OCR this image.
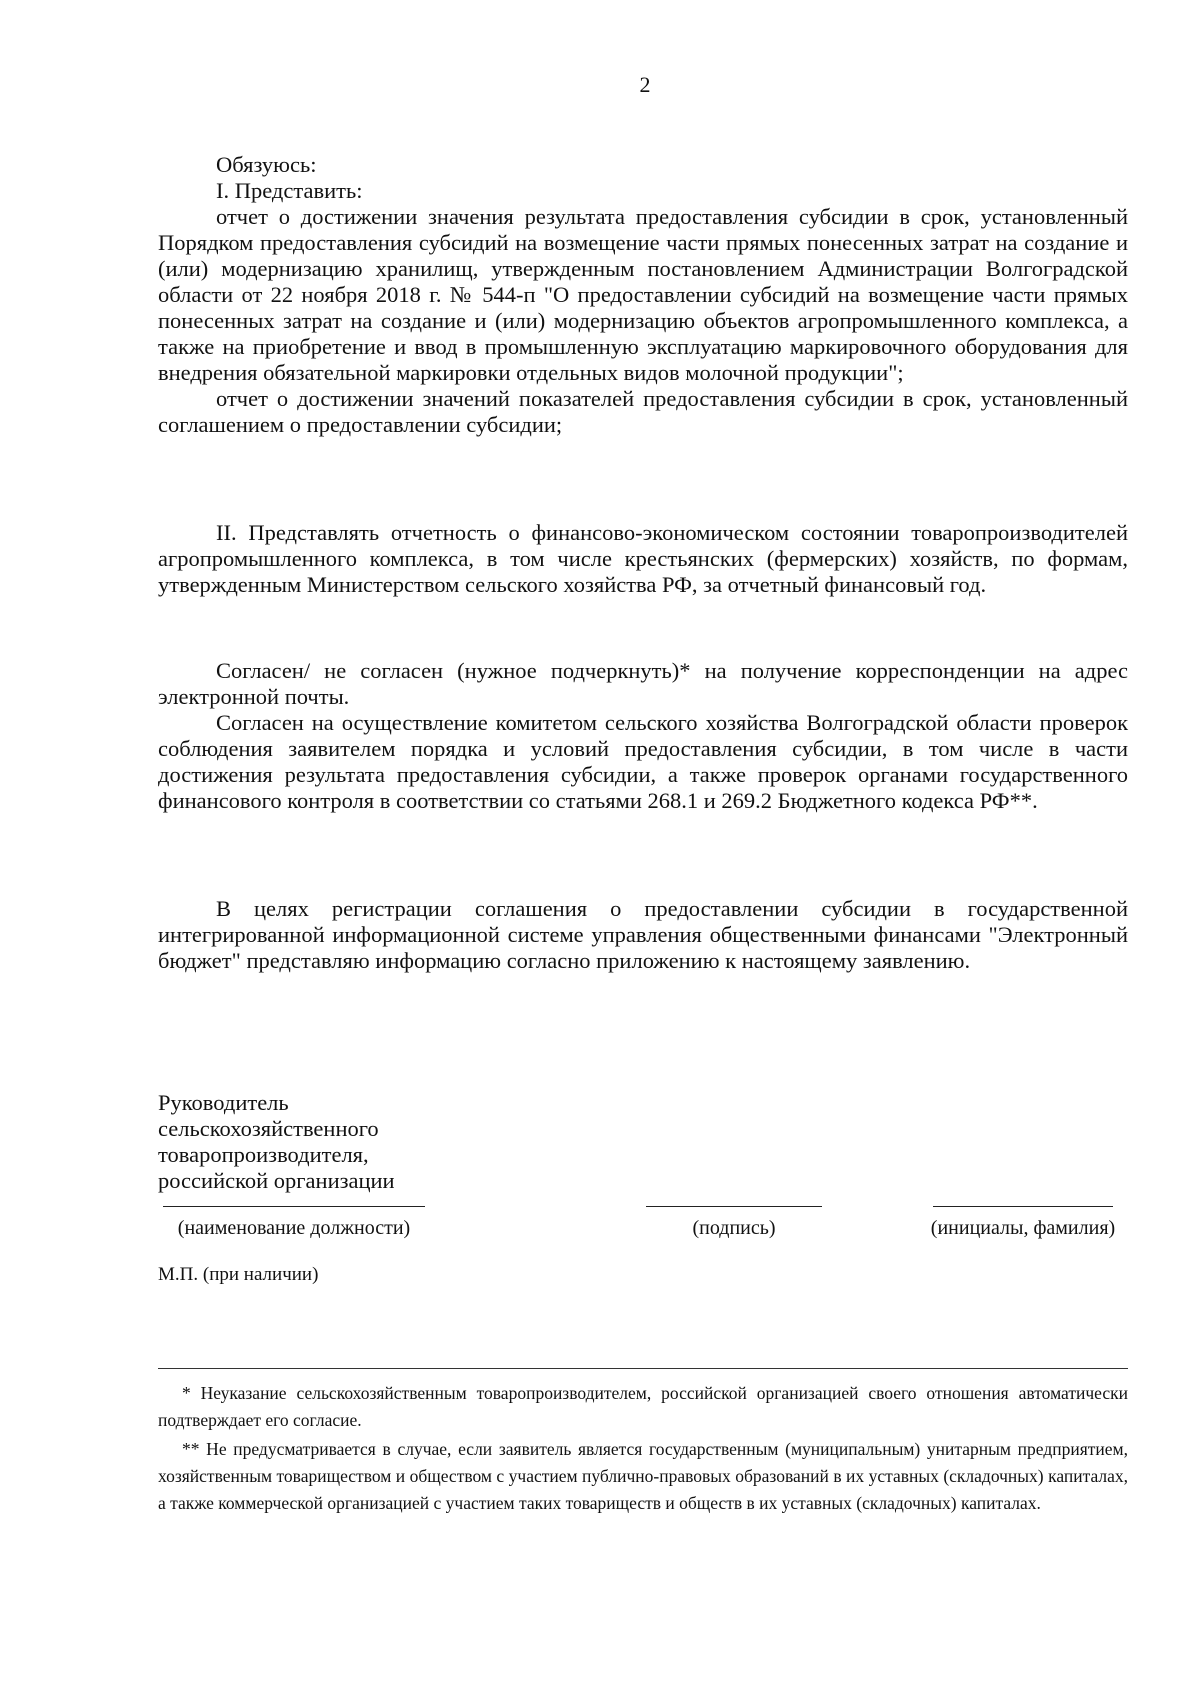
2
Обязуюсь:
I. Представить:

отчет о достижении значения результата предоставления субсидии в срок, установленный Порядком предоставления субсидий на возмещение части прямых понесенных затрат на создание и (или) модернизацию хранилищ, утвержденным постановлением Администрации Волгоградской области от 22 ноября 2018 г. № 544-п "О предоставлении субсидий на возмещение части прямых понесенных затрат на создание и (или) модернизацию объектов агропромышленного комплекса, а также на приобретение и ввод в промышленную эксплуатацию маркировочного оборудования для внедрения обязательной маркировки отдельных видов молочной продукции";

отчет о достижении значений показателей предоставления субсидии в срок, установленный соглашением о предоставлении субсидии;

II. Представлять отчетность о финансово-экономическом состоянии товаропроизводителей агропромышленного комплекса, в том числе крестьянских (фермерских) хозяйств, по формам, утвержденным Министерством сельского хозяйства РФ, за отчетный финансовый год.

Согласен/ не согласен (нужное подчеркнуть)* на получение корреспонденции на адрес электронной почты.

Согласен на осуществление комитетом сельского хозяйства Волгоградской области проверок соблюдения заявителем порядка и условий предоставления субсидии, в том числе в части достижения результата предоставления субсидии, а также проверок органами государственного финансового контроля в соответствии со статьями 268.1 и 269.2 Бюджетного кодекса РФ**.

В целях регистрации соглашения о предоставлении субсидии в государственной интегрированной информационной системе управления общественными финансами "Электронный бюджет" представляю информацию согласно приложению к настоящему заявлению.

Руководитель
сельскохозяйственного
товаропроизводителя,
российской организации
(наименование должности)	(подпись)	(инициалы, фамилия)
М.П. (при наличии)

* Неуказание сельскохозяйственным товаропроизводителем, российской организацией своего отношения автоматически подтверждает его согласие.

** Не предусматривается в случае, если заявитель является государственным (муниципальным) унитарным предприятием, хозяйственным товариществом и обществом с участием публично-правовых образований в их уставных (складочных) капиталах, а также коммерческой организацией с участием таких товариществ и обществ в их уставных (складочных) капиталах.
